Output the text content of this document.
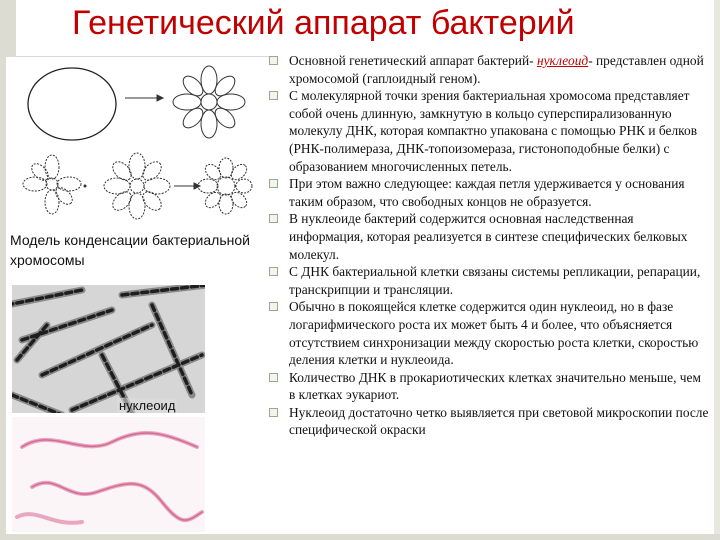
Генетический аппарат бактерий
Модель конденсации бактериальной хромосомы
нуклеоид
Основной генетический аппарат бактерий- нуклеоид- представлен одной хромосомой (гаплоидный геном).
С молекулярной точки зрения бактериальная хромосома представляет собой очень длинную, замкнутую в кольцо суперспирализованную молекулу ДНК, которая компактно упакована с помощью РНК и белков (РНК-полимераза, ДНК-топоизомераза, гистоноподобные белки) с образованием многочисленных петель.
При этом важно следующее: каждая петля удерживается у основания таким образом, что свободных концов не образуется.
В нуклеоиде бактерий содержится основная наследственная информация, которая реализуется в синтезе специфических белковых молекул.
С ДНК бактериальной клетки связаны системы репликации, репарации, транскрипции и трансляции.
Обычно в покоящейся клетке содержится один нуклеоид, но в фазе логарифмического роста их может быть 4 и более, что объясняется отсутствием синхронизации между скоростью роста клетки, скоростью деления клетки и нуклеоида.
Количество ДНК в прокариотических клетках значительно меньше, чем в клетках эукариот.
Нуклеоид достаточно четко выявляется при световой микроскопии после специфической окраски
